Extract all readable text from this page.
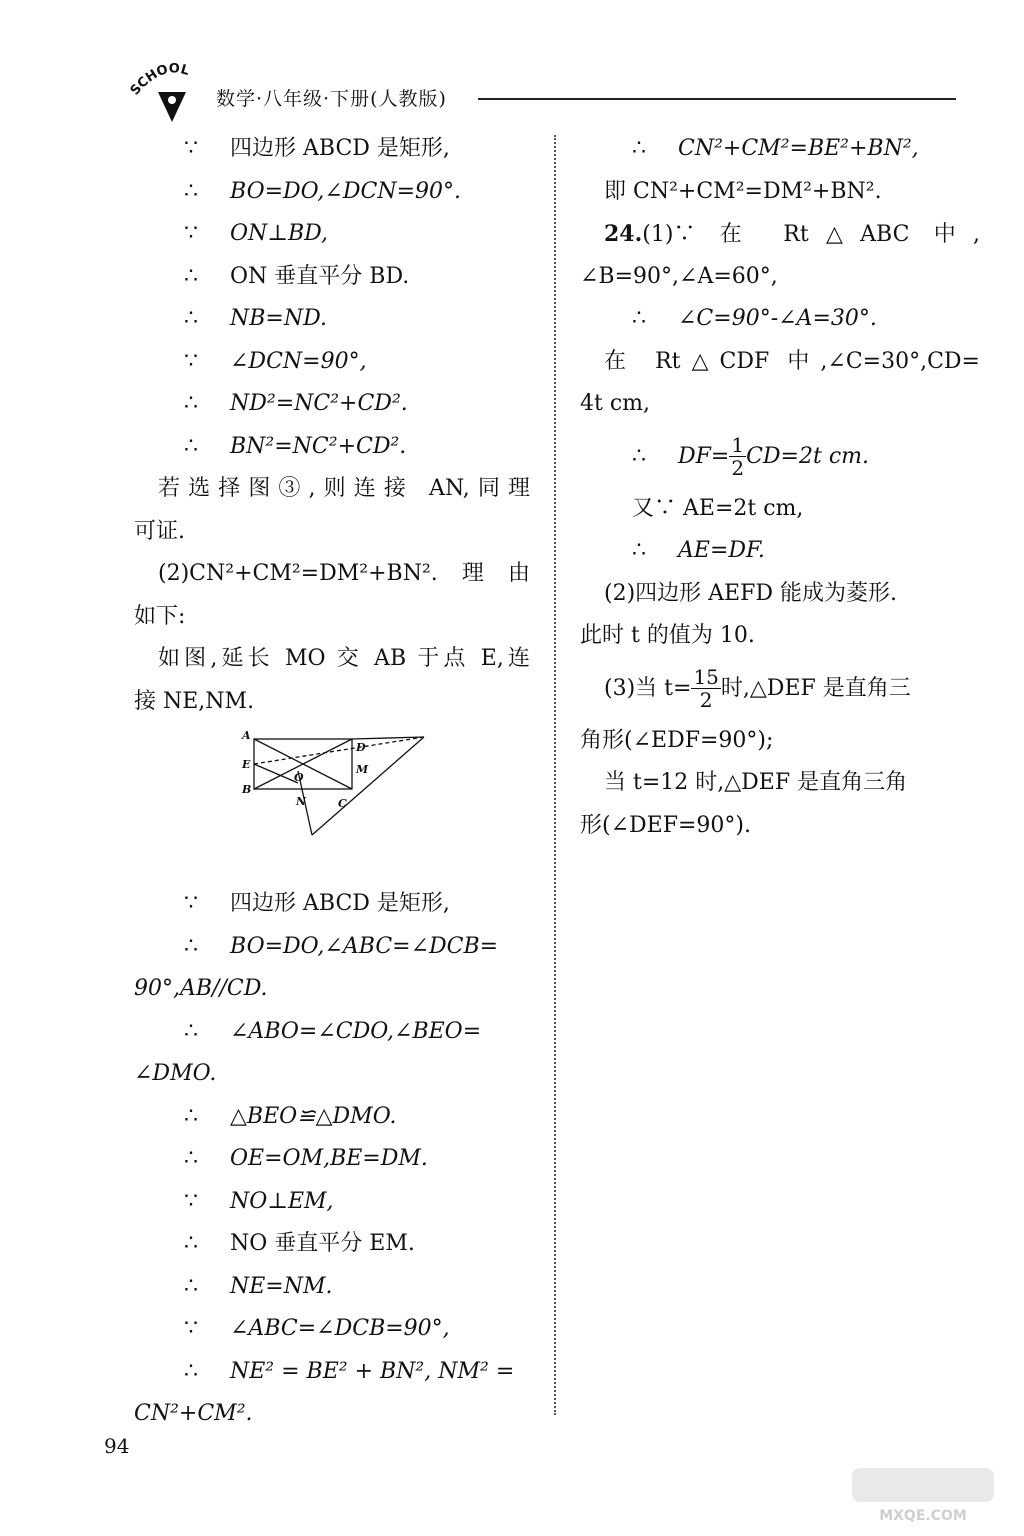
SCHOOL
数学·八年级·下册(人教版)
∵ 四边形 ABCD 是矩形,
∴ BO=DO,∠DCN=90°.
∵ ON⊥BD,
∴ ON 垂直平分 BD.
∴ NB=ND.
∵ ∠DCN=90°,
∴ ND²=NC²+CD².
∴ BN²=NC²+CD².
若选择图③,则连接 AN,同理
可证.
(2)CN²+CM²=DM²+BN².理由
如下:
如图,延长 MO 交 AB 于点 E,连
接 NE,NM.
A
D
E	M
O
B
N	C
∵ 四边形 ABCD 是矩形,
∴ BO=DO,∠ABC=∠DCB=
90°,AB//CD.
∴ ∠ABO=∠CDO,∠BEO=
∠DMO.
∴ △BEO≌△DMO.
∴ OE=OM,BE=DM.
∵ NO⊥EM,
∴ NO 垂直平分 EM.
∴ NE=NM.
∵ ∠ABC=∠DCB=90°,
∴ NE² = BE² + BN², NM² =
CN²+CM².
∴ CN²+CM²=BE²+BN²,
即 CN²+CM²=DM²+BN².
24.(1)∵ 在 Rt△ABC 中,
∠B=90°,∠A=60°,
∴ ∠C=90°-∠A=30°.
在 Rt△CDF 中,∠C=30°,CD=
4t cm,
∴ $DF= \frac{1}{2} CD=2t$ cm.
又∵ AE=2t cm,
∴ AE=DF.
(2)四边形 AEFD 能成为菱形.
此时 t 的值为 10.
(3)当 $t= \frac{15}{2}$ 时,△DEF 是直角三
角形(∠EDF=90°);
当 t=12 时,△DEF 是直角三角
形(∠DEF=90°).
94
MXQE.COM
